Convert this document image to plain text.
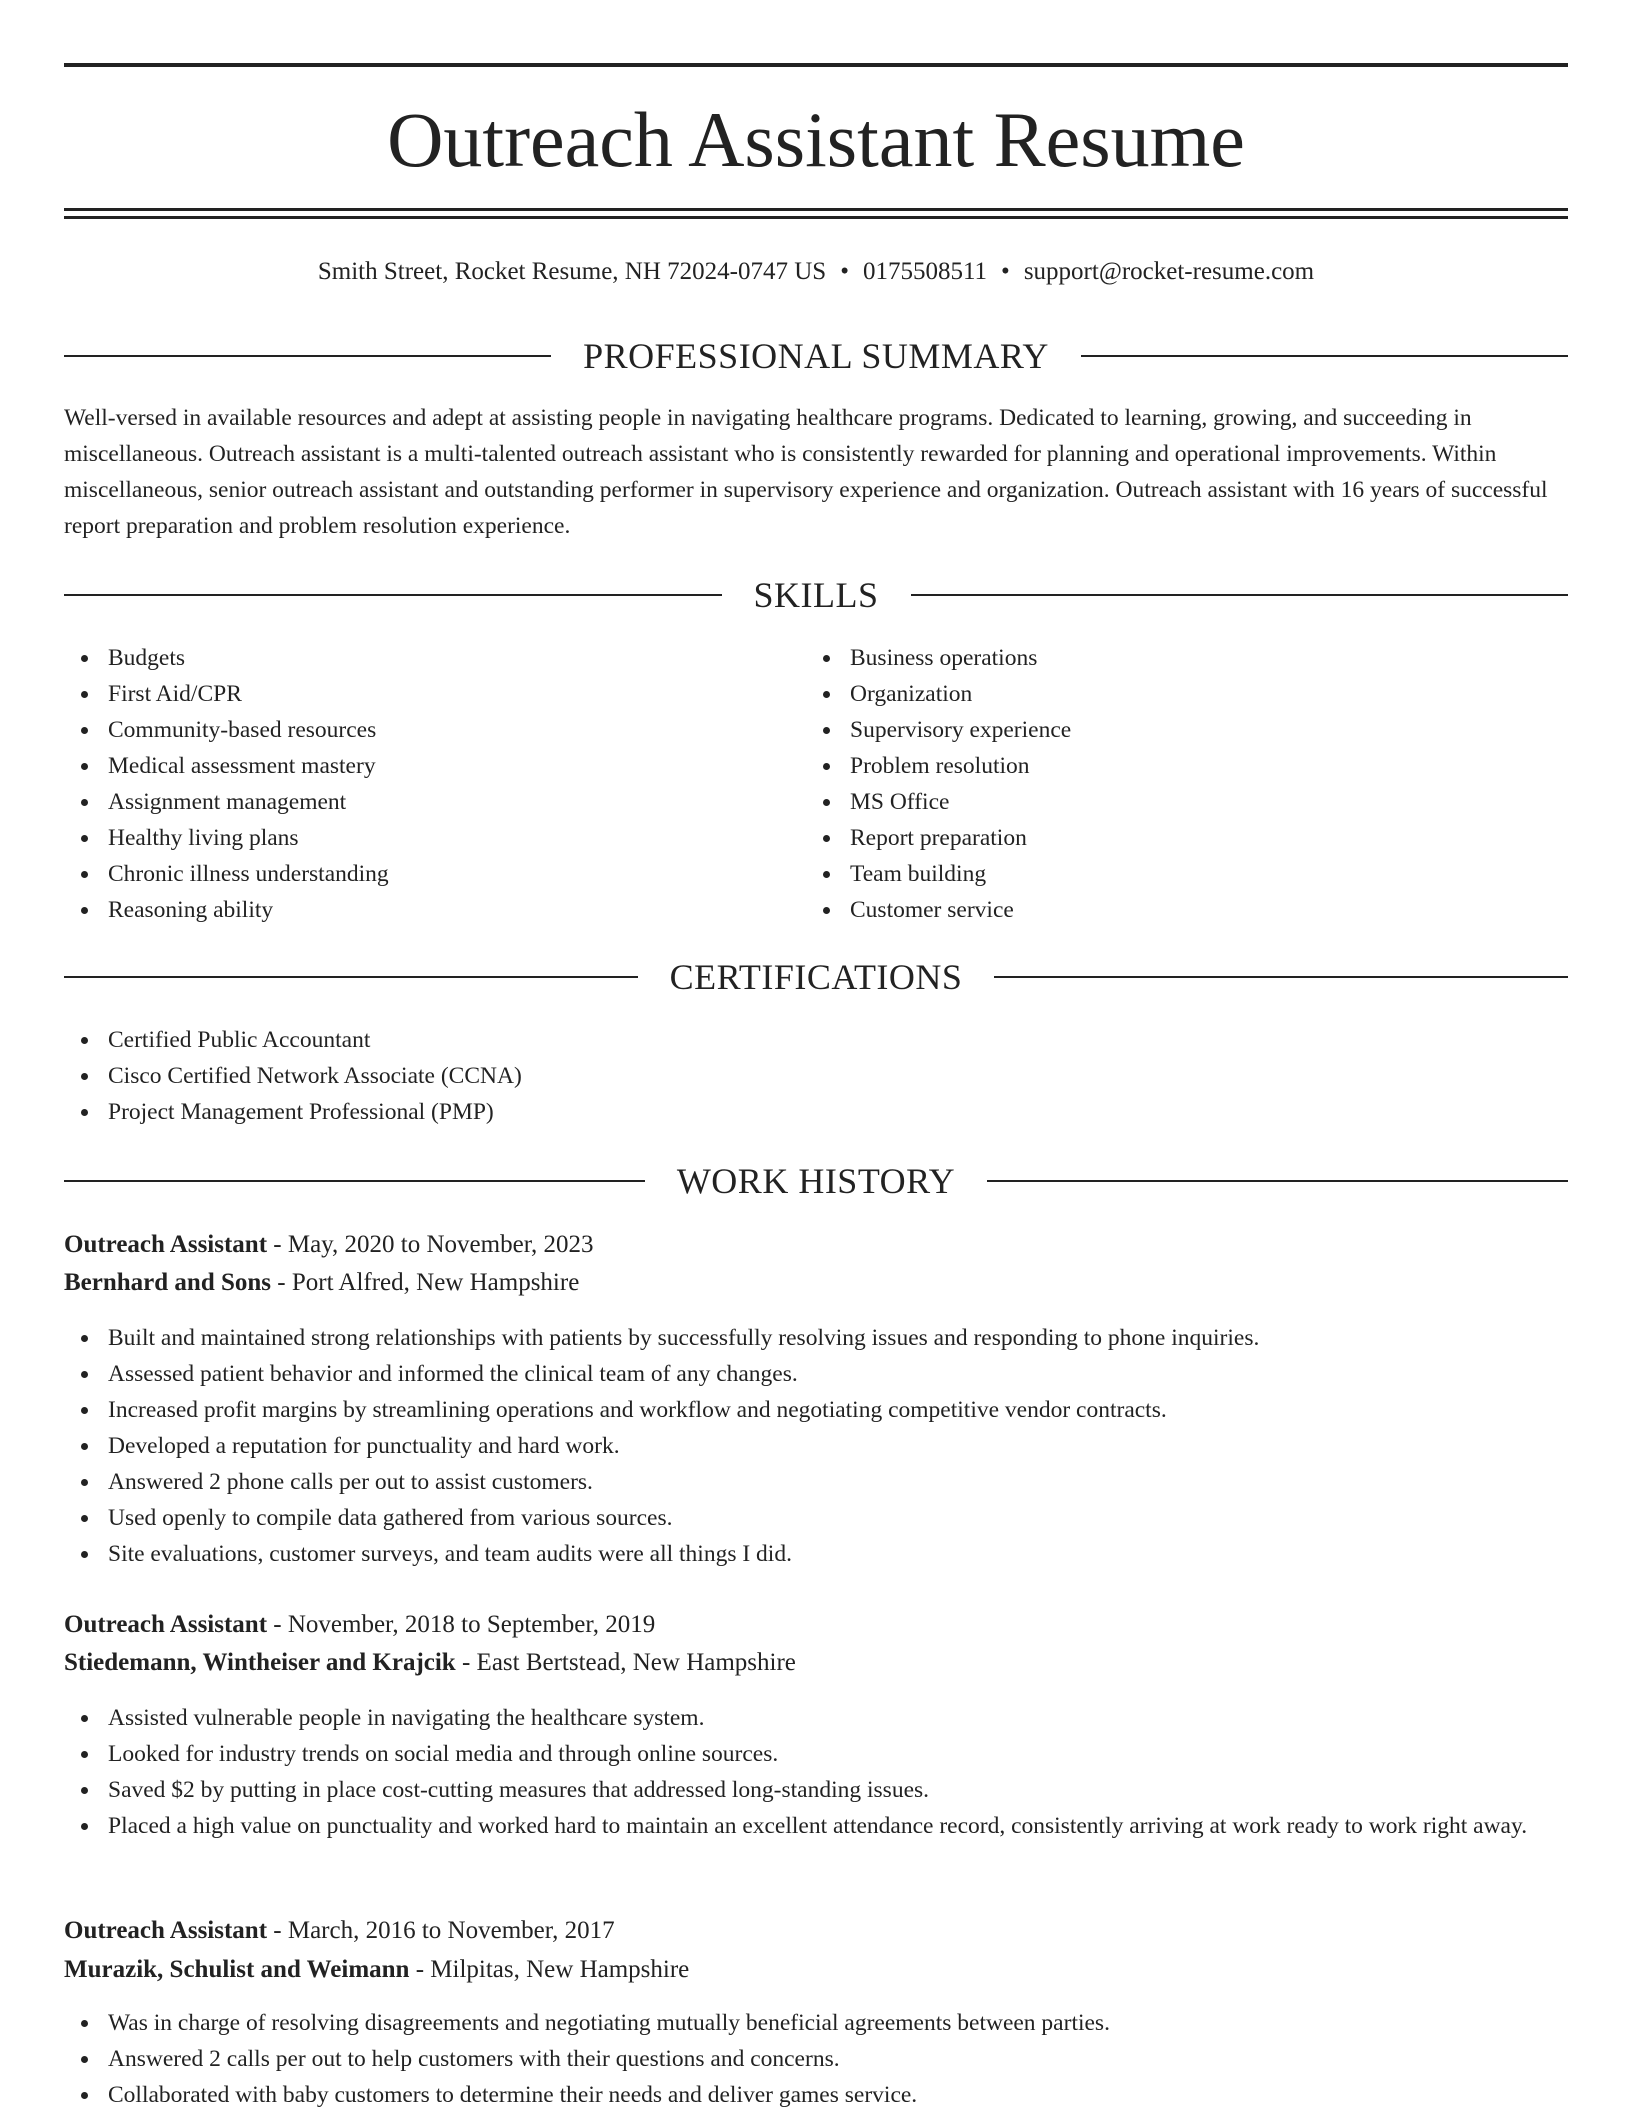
Outreach Assistant Resume
Smith Street, Rocket Resume, NH 72024-0747 US • 0175508511 • support@rocket-resume.com
PROFESSIONAL SUMMARY

Well-versed in available resources and adept at assisting people in navigating healthcare programs. Dedicated to learning, growing, and succeeding in miscellaneous. Outreach assistant is a multi-talented outreach assistant who is consistently rewarded for planning and operational improvements. Within miscellaneous, senior outreach assistant and outstanding performer in supervisory experience and organization. Outreach assistant with 16 years of successful report preparation and problem resolution experience.

SKILLS
Budgets
First Aid/CPR
Community-based resources
Medical assessment mastery
Assignment management
Healthy living plans
Chronic illness understanding
Reasoning ability
Business operations
Organization
Supervisory experience
Problem resolution
MS Office
Report preparation
Team building
Customer service
CERTIFICATIONS
Certified Public Accountant
Cisco Certified Network Associate (CCNA)
Project Management Professional (PMP)
WORK HISTORY
Outreach Assistant - May, 2020 to November, 2023
Bernhard and Sons - Port Alfred, New Hampshire
Built and maintained strong relationships with patients by successfully resolving issues and responding to phone inquiries.
Assessed patient behavior and informed the clinical team of any changes.
Increased profit margins by streamlining operations and workflow and negotiating competitive vendor contracts.
Developed a reputation for punctuality and hard work.
Answered 2 phone calls per out to assist customers.
Used openly to compile data gathered from various sources.
Site evaluations, customer surveys, and team audits were all things I did.
Outreach Assistant - November, 2018 to September, 2019
Stiedemann, Wintheiser and Krajcik - East Bertstead, New Hampshire
Assisted vulnerable people in navigating the healthcare system.
Looked for industry trends on social media and through online sources.
Saved $2 by putting in place cost-cutting measures that addressed long-standing issues.
Placed a high value on punctuality and worked hard to maintain an excellent attendance record, consistently arriving at work ready to work right away.
Outreach Assistant - March, 2016 to November, 2017
Murazik, Schulist and Weimann - Milpitas, New Hampshire
Was in charge of resolving disagreements and negotiating mutually beneficial agreements between parties.
Answered 2 calls per out to help customers with their questions and concerns.
Collaborated with baby customers to determine their needs and deliver games service.
